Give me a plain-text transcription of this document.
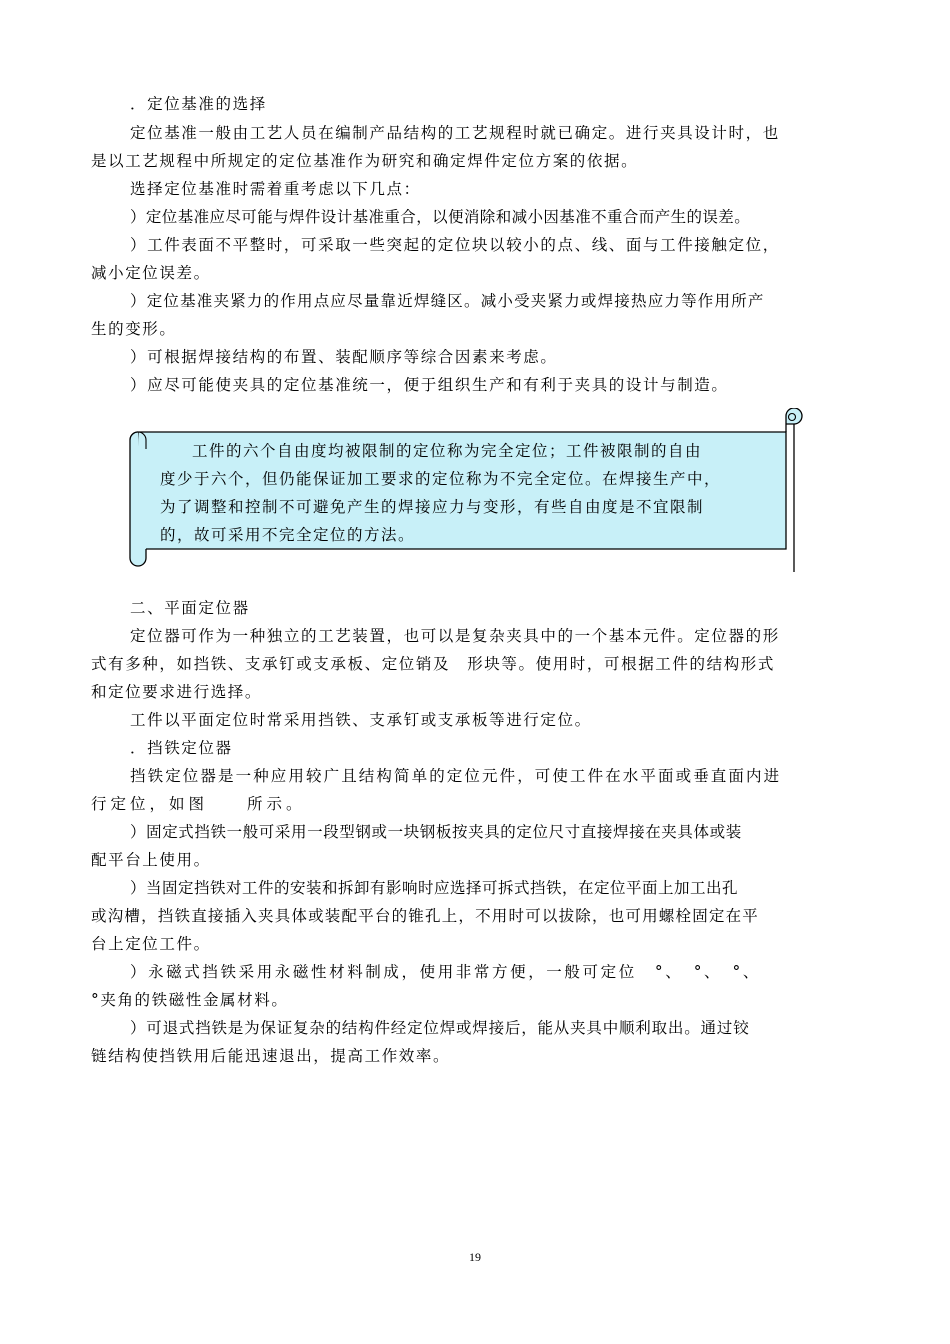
．定位基准的选择
定位基准一般由工艺人员在编制产品结构的工艺规程时就已确定。进行夹具设计时，也
是以工艺规程中所规定的定位基准作为研究和确定焊件定位方案的依据。
选择定位基准时需着重考虑以下几点：
）定位基准应尽可能与焊件设计基准重合，以便消除和减小因基准不重合而产生的误差。
）工件表面不平整时，可采取一些突起的定位块以较小的点、线、面与工件接触定位，
减小定位误差。
）定位基准夹紧力的作用点应尽量靠近焊缝区。减小受夹紧力或焊接热应力等作用所产
生的变形。
）可根据焊接结构的布置、装配顺序等综合因素来考虑。
）应尽可能使夹具的定位基准统一，便于组织生产和有利于夹具的设计与制造。
工件的六个自由度均被限制的定位称为完全定位；工件被限制的自由
度少于六个，但仍能保证加工要求的定位称为不完全定位。在焊接生产中，
为了调整和控制不可避免产生的焊接应力与变形，有些自由度是不宜限制
的，故可采用不完全定位的方法。
二、平面定位器
定位器可作为一种独立的工艺装置，也可以是复杂夹具中的一个基本元件。定位器的形
式有多种，如挡铁、支承钉或支承板、定位销及　形块等。使用时，可根据工件的结构形式
和定位要求进行选择。
工件以平面定位时常采用挡铁、支承钉或支承板等进行定位。
．挡铁定位器
挡铁定位器是一种应用较广且结构简单的定位元件，可使工件在水平面或垂直面内进
行定位，如图　　所示。
）固定式挡铁一般可采用一段型钢或一块钢板按夹具的定位尺寸直接焊接在夹具体或装
配平台上使用。
）当固定挡铁对工件的安装和拆卸有影响时应选择可拆式挡铁，在定位平面上加工出孔
或沟槽，挡铁直接插入夹具体或装配平台的锥孔上，不用时可以拔除，也可用螺栓固定在平
台上定位工件。
）永磁式挡铁采用永磁性材料制成，使用非常方便，一般可定位　°、　°、　°、
°夹角的铁磁性金属材料。
）可退式挡铁是为保证复杂的结构件经定位焊或焊接后，能从夹具中顺利取出。通过铰
链结构使挡铁用后能迅速退出，提高工作效率。
19
